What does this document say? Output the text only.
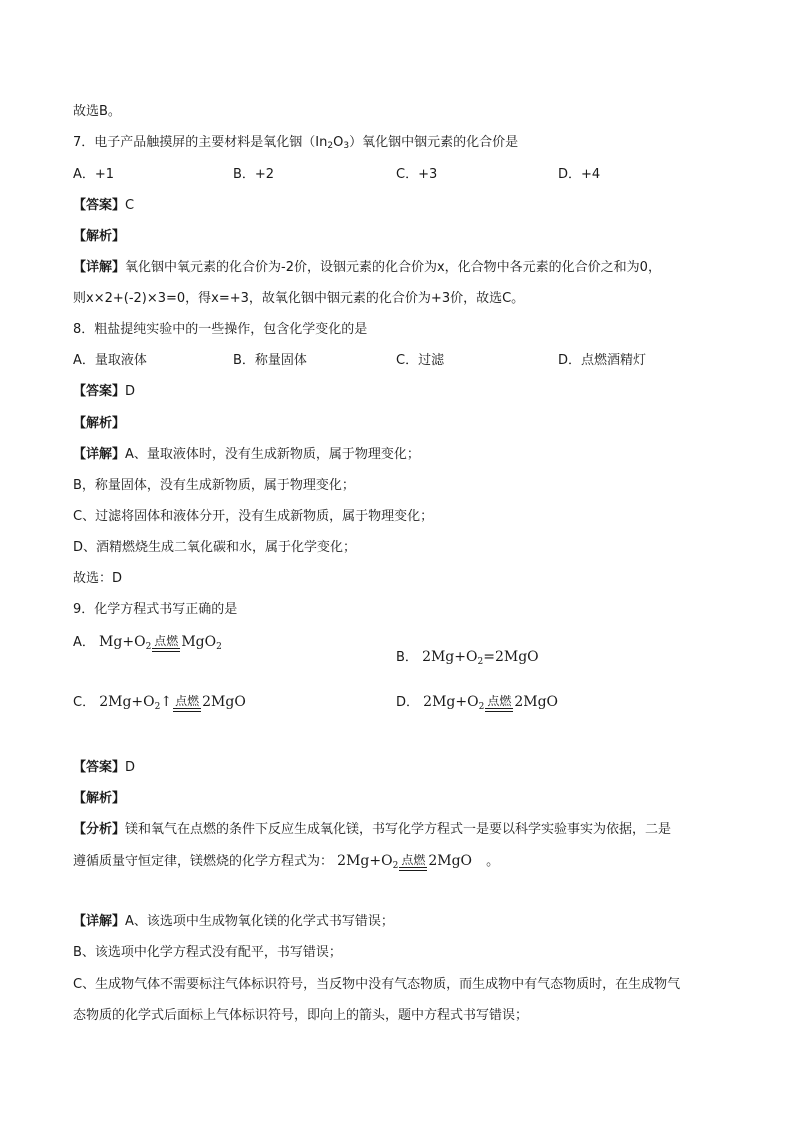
故选B。
7．电子产品触摸屏的主要材料是氧化铟$(In_2O_3)$氧化铟中铟元素的化合价是
A．+1	B．+2	C．+3	D．+4
【答案】C
【解析】
【详解】氧化铟中氧元素的化合价为-2价，设铟元素的化合价为x，化合物中各元素的化合价之和为0，
则x×2+(-2)×3=0，得x=+3，故氧化铟中铟元素的化合价为+3价，故选C。
8．粗盐提纯实验中的一些操作，包含化学变化的是
A．量取液体	B．称量固体	C．过滤	D．点燃酒精灯
【答案】D
【解析】
【详解】A、量取液体时，没有生成新物质，属于物理变化；
B，称量固体，没有生成新物质，属于物理变化；
C、过滤将固体和液体分开，没有生成新物质，属于物理变化；
D、酒精燃烧生成二氧化碳和水，属于化学变化；
故选：D
9．化学方程式书写正确的是
A． $Mg+O_2$ 点燃 MgO$_2$
B． $2Mg+O_2=2MgO$
C． $2Mg+O_2↑$ 点燃 2MgO	D． $2Mg+O_2$ 点燃 2MgO
【答案】D
【解析】
【分析】镁和氧气在点燃的条件下反应生成氧化镁，书写化学方程式一是要以科学实验事实为依据，二是
遵循质量守恒定律，镁燃烧的化学方程式为： $2Mg+O_2$ 点燃 2MgO 。
【详解】A、该选项中生成物氧化镁的化学式书写错误；
B、该选项中化学方程式没有配平，书写错误；
C、生成物气体不需要标注气体标识符号，当反物中没有气态物质，而生成物中有气态物质时，在生成物气
态物质的化学式后面标上气体标识符号，即向上的箭头，题中方程式书写错误；
